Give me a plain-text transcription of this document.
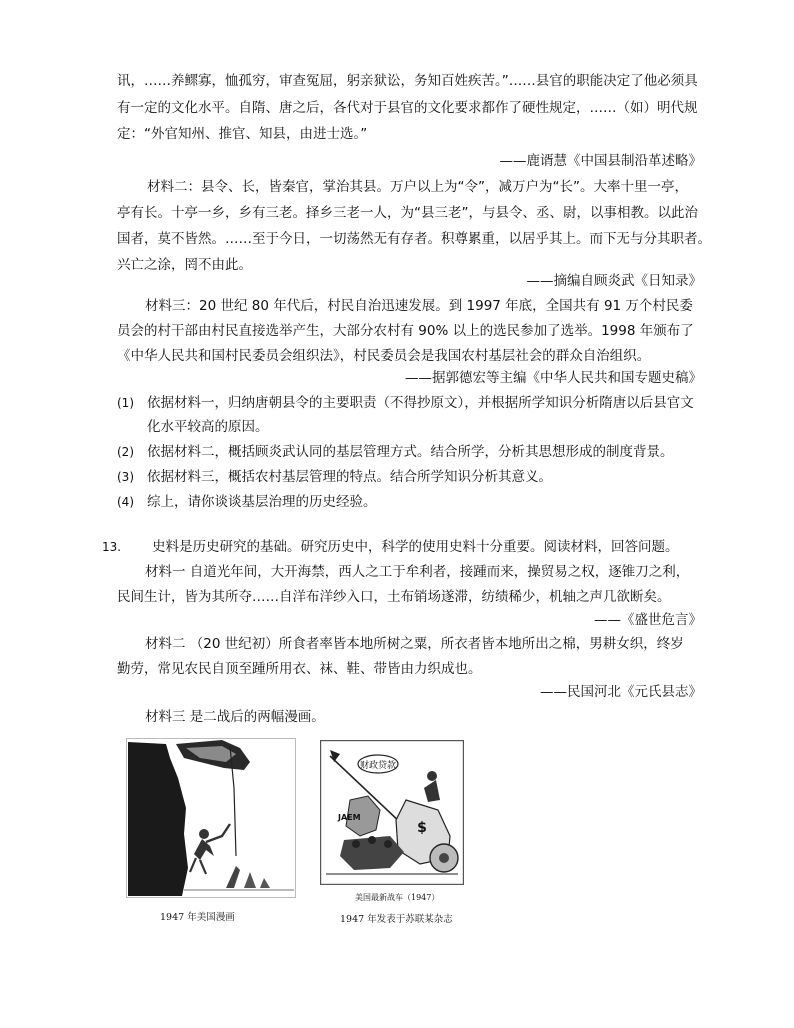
讯，……养鳏寡，恤孤穷，审查冤屈，躬亲狱讼，务知百姓疾苦。”……县官的职能决定了他必须具
有一定的文化水平。自隋、唐之后，各代对于县官的文化要求都作了硬性规定，……（如）明代规
定：“外官知州、推官、知县，由进士选。”
——鹿谞慧《中国县制沿革述略》
材料二：县令、长，皆秦官，掌治其县。万户以上为“令”，减万户为“长”。大率十里一亭，
亭有长。十亭一乡，乡有三老。择乡三老一人，为“县三老”，与县令、丞、尉，以事相教。以此治
国者，莫不皆然。……至于今日，一切荡然无有存者。积尊累重，以居乎其上。而下无与分其职者。
兴亡之涂，罔不由此。
——摘编自顾炎武《日知录》
材料三：20 世纪 80 年代后，村民自治迅速发展。到 1997 年底，全国共有 91 万个村民委
员会的村干部由村民直接选举产生，大部分农村有 90% 以上的选民参加了选举。1998 年颁布了
《中华人民共和国村民委员会组织法》，村民委员会是我国农村基层社会的群众自治组织。
——据郭德宏等主编《中华人民共和国专题史稿》
(1) 依据材料一，归纳唐朝县令的主要职责（不得抄原文），并根据所学知识分析隋唐以后县官文
化水平较高的原因。
(2) 依据材料二，概括顾炎武认同的基层管理方式。结合所学，分析其思想形成的制度背景。
(3) 依据材料三，概括农村基层管理的特点。结合所学知识分析其意义。
(4) 综上，请你谈谈基层治理的历史经验。
13. 史料是历史研究的基础。研究历史中，科学的使用史料十分重要。阅读材料，回答问题。
材料一 自道光年间，大开海禁，西人之工于牟利者，接踵而来，操贸易之权，逐锥刀之利，
民间生计，皆为其所夺……自洋布洋纱入口，土布销场遂滞，纺绩稀少，机轴之声几欲断矣。
——《盛世危言》
材料二 （20 世纪初）所食者率皆本地所树之粟，所衣者皆本地所出之棉，男耕女织，终岁
勤劳，常见农民自顶至踵所用衣、袜、鞋、带皆由力织成也。
——民国河北《元氏县志》
材料三 是二战后的两幅漫画。
1947 年美国漫画
财政贷款
$
JAEM
美国最新战车（1947）
1947 年发表于苏联某杂志
